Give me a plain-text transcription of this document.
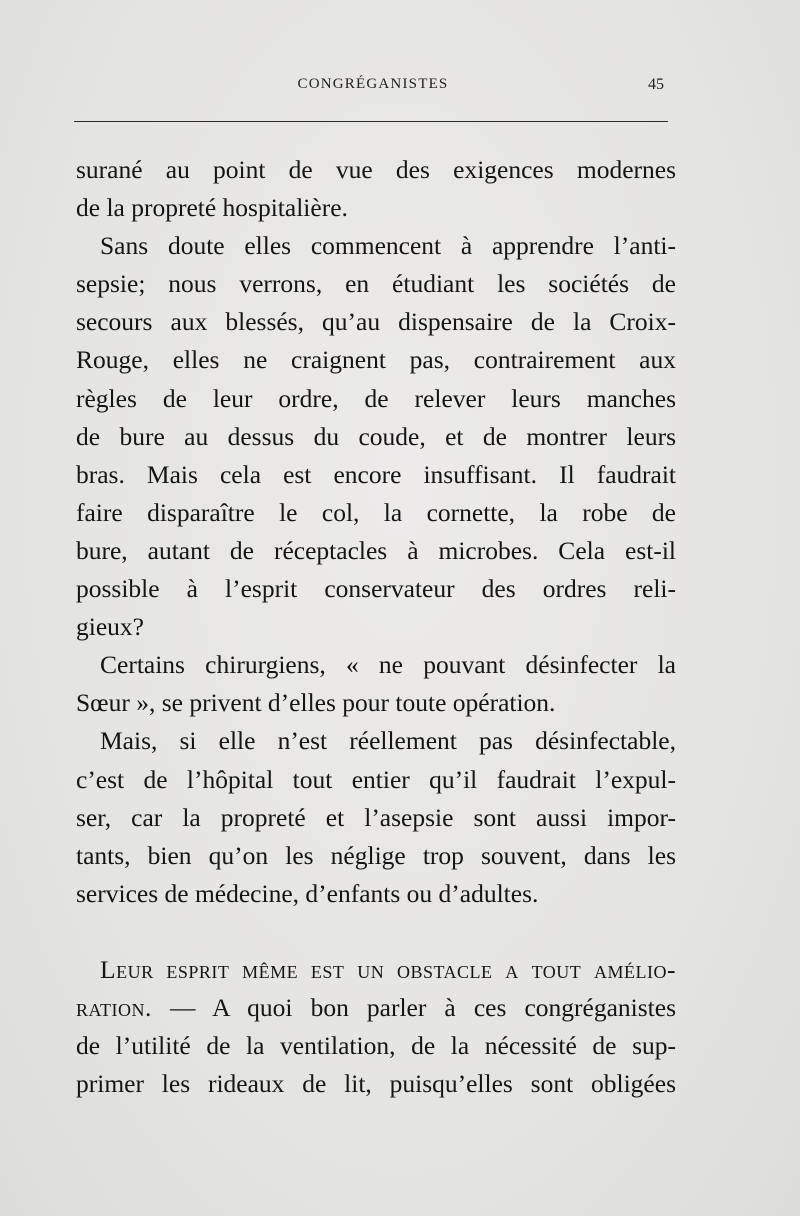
CONGRÉGANISTES	45
surané au point de vue des exigences modernes
de la propreté hospitalière.
Sans doute elles commencent à apprendre l’anti-
sepsie; nous verrons, en étudiant les sociétés de
secours aux blessés, qu’au dispensaire de la Croix-
Rouge, elles ne craignent pas, contrairement aux
règles de leur ordre, de relever leurs manches
de bure au dessus du coude, et de montrer leurs
bras. Mais cela est encore insuffisant. Il faudrait
faire disparaître le col, la cornette, la robe de
bure, autant de réceptacles à microbes. Cela est-il
possible à l’esprit conservateur des ordres reli-
gieux?
Certains chirurgiens, « ne pouvant désinfecter la
Sœur », se privent d’elles pour toute opération.
Mais, si elle n’est réellement pas désinfectable,
c’est de l’hôpital tout entier qu’il faudrait l’expul-
ser, car la propreté et l’asepsie sont aussi impor-
tants, bien qu’on les néglige trop souvent, dans les
services de médecine, d’enfants ou d’adultes.
Leur esprit même est un obstacle a tout amélio-
ration. — A quoi bon parler à ces congréganistes
de l’utilité de la ventilation, de la nécessité de sup-
primer les rideaux de lit, puisqu’elles sont obligées
